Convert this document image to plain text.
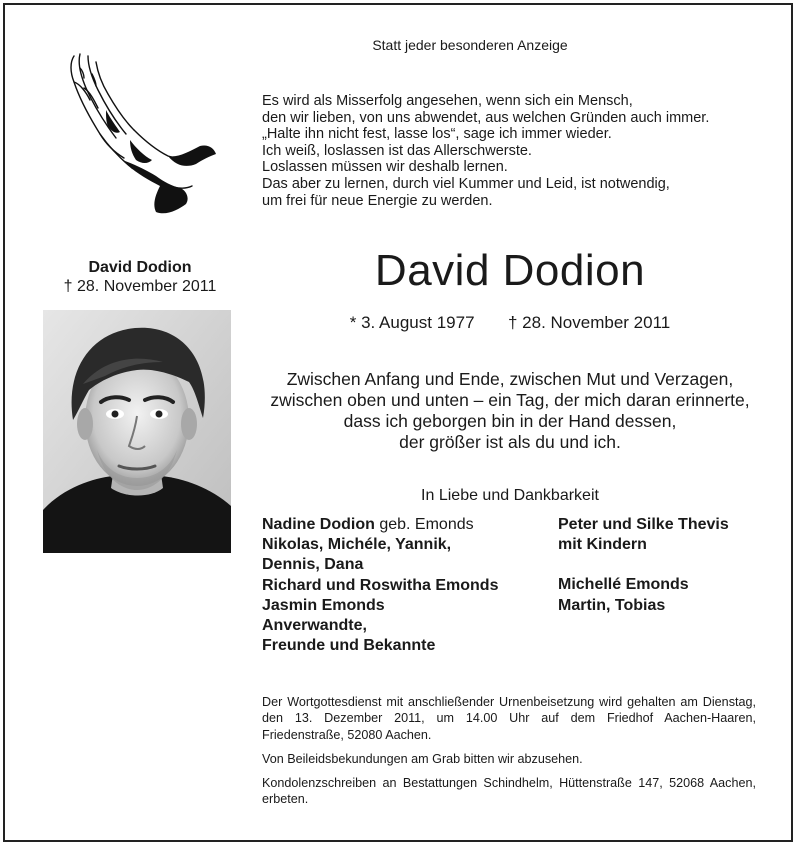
Statt jeder besonderen Anzeige
Es wird als Misserfolg angesehen, wenn sich ein Mensch,
den wir lieben, von uns abwendet, aus welchen Gründen auch immer.
„Halte ihn nicht fest, lasse los“, sage ich immer wieder.
Ich weiß, loslassen ist das Allerschwerste.
Loslassen müssen wir deshalb lernen.
Das aber zu lernen, durch viel Kummer und Leid, ist notwendig,
um frei für neue Energie zu werden.
David Dodion
† 28. November 2011	David Dodion
* 3. August 1977 † 28. November 2011
Zwischen Anfang und Ende, zwischen Mut und Verzagen,
zwischen oben und unten – ein Tag, der mich daran erinnerte,
dass ich geborgen bin in der Hand dessen,
der größer ist als du und ich.
In Liebe und Dankbarkeit
Nadine Dodion geb. Emonds
Nikolas, Michéle, Yannik,
Dennis, Dana
Richard und Roswitha Emonds
Jasmin Emonds
Anverwandte,
Freunde und Bekannte
Peter und Silke Thevis
mit Kindern
Michellé Emonds
Martin, Tobias
Der Wortgottesdienst mit anschließender Urnenbeisetzung wird gehalten am Dienstag, den 13. Dezember 2011, um 14.00 Uhr auf dem Friedhof Aachen-Haaren, Friedenstraße, 52080 Aachen.
Von Beileidsbekundungen am Grab bitten wir abzusehen.
Kondolenzschreiben an Bestattungen Schindhelm, Hüttenstraße 147, 52068 Aachen, erbeten.
